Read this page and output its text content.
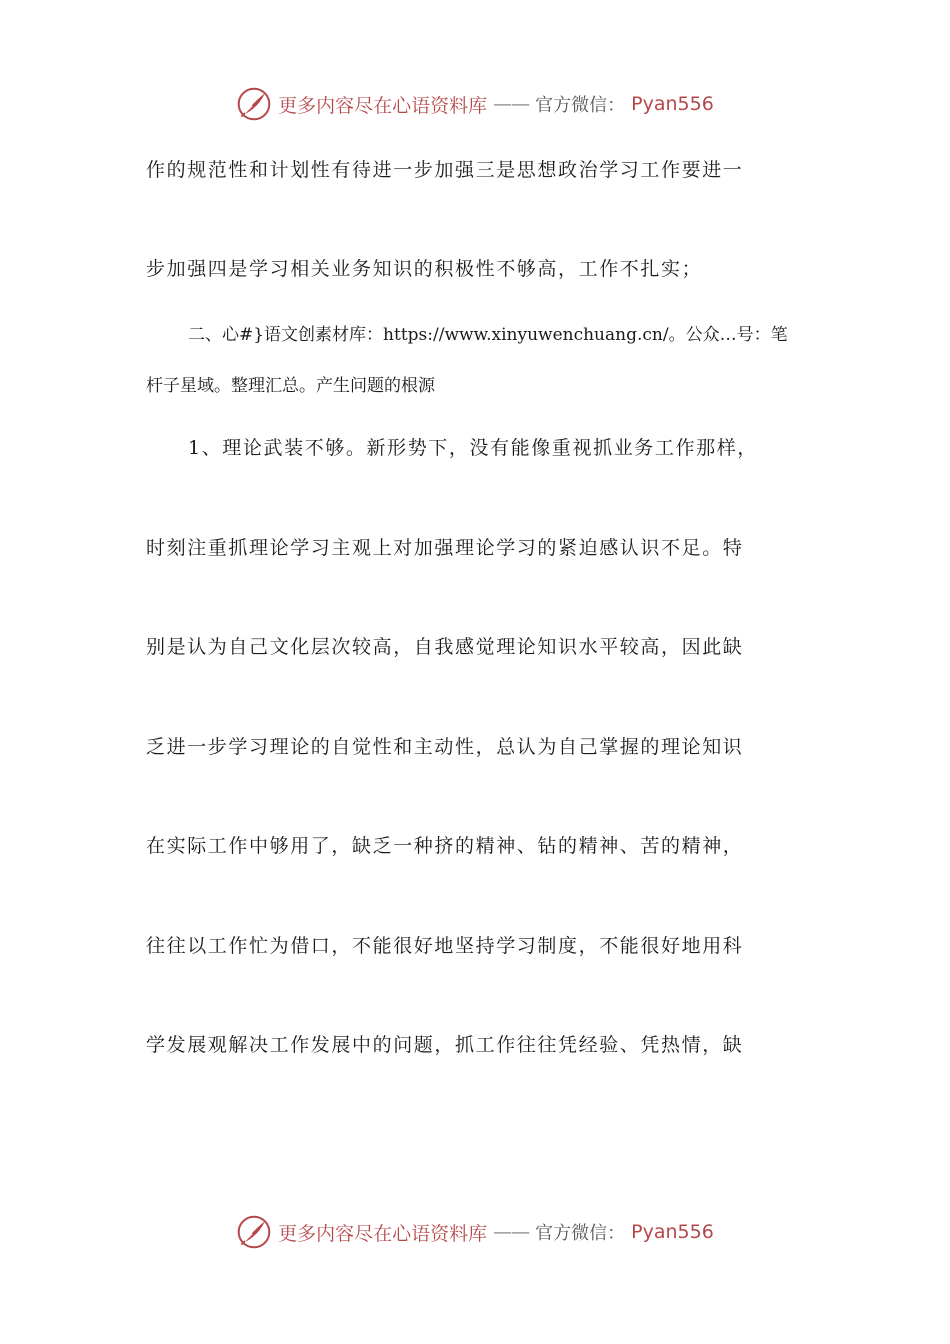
更多内容尽在心语资料库 —— 官方微信： Pyan556
作的规范性和计划性有待进一步加强三是思想政治学习工作要进一
步加强四是学习相关业务知识的积极性不够高，工作不扎实；
二、心#}语文创素材库：https://www.xinyuwenchuang.cn/。公众…号：笔
杆子星域。整理汇总。产生问题的根源
1、理论武装不够。新形势下，没有能像重视抓业务工作那样，
时刻注重抓理论学习主观上对加强理论学习的紧迫感认识不足。特
别是认为自己文化层次较高，自我感觉理论知识水平较高，因此缺
乏进一步学习理论的自觉性和主动性，总认为自己掌握的理论知识
在实际工作中够用了，缺乏一种挤的精神、钻的精神、苦的精神，
往往以工作忙为借口，不能很好地坚持学习制度，不能很好地用科
学发展观解决工作发展中的问题，抓工作往往凭经验、凭热情，缺
更多内容尽在心语资料库 —— 官方微信： Pyan556
